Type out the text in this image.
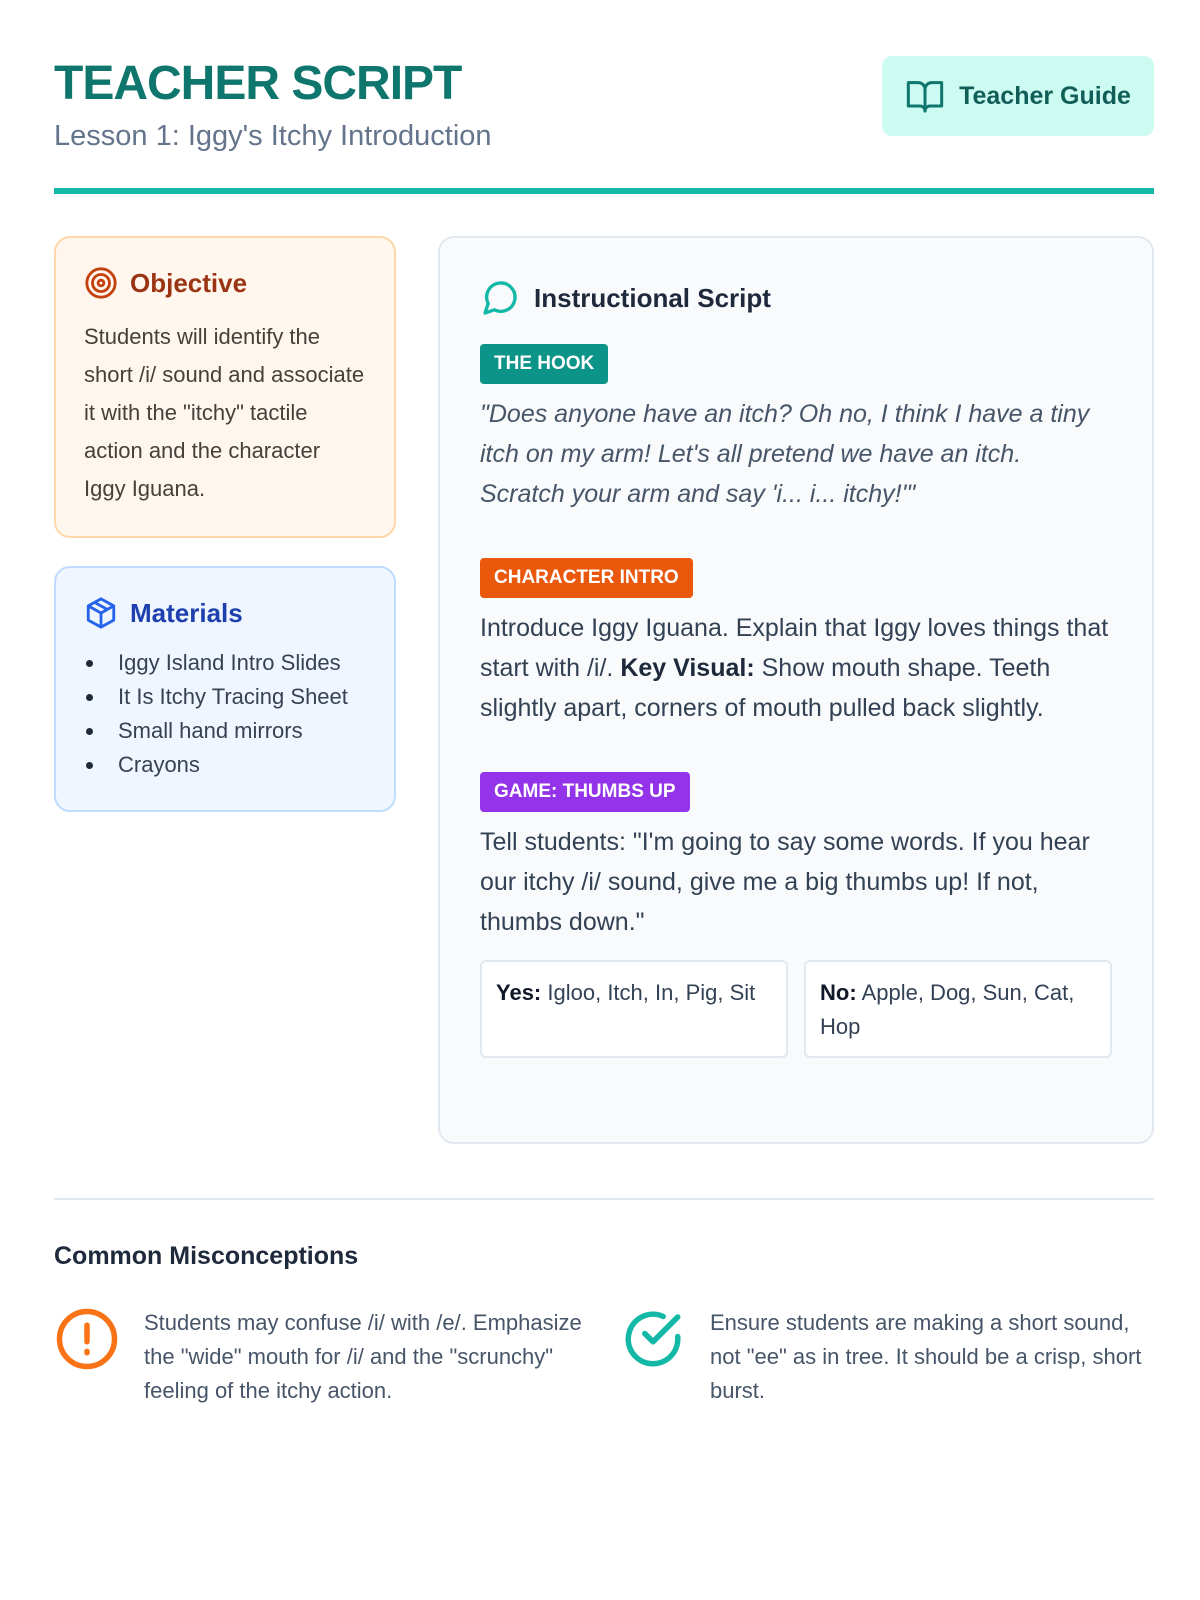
TEACHER SCRIPT
Lesson 1: Iggy's Itchy Introduction
Teacher Guide
Objective

Students will identify the short /i/ sound and associate it with the "itchy" tactile action and the character Iggy Iguana.

Materials
Iggy Island Intro Slides
It Is Itchy Tracing Sheet
Small hand mirrors
Crayons
Instructional Script
THE HOOK

"Does anyone have an itch? Oh no, I think I have a tiny itch on my arm! Let's all pretend we have an itch. Scratch your arm and say 'i... i... itchy!'"

CHARACTER INTRO

Introduce Iggy Iguana. Explain that Iggy loves things that start with /i/. Key Visual: Show mouth shape. Teeth slightly apart, corners of mouth pulled back slightly.

GAME: THUMBS UP

Tell students: "I'm going to say some words. If you hear our itchy /i/ sound, give me a big thumbs up! If not, thumbs down."

Yes: Igloo, Itch, In, Pig, Sit	No: Apple, Dog, Sun, Cat, Hop
Common Misconceptions

Students may confuse /i/ with /e/. Emphasize the "wide" mouth for /i/ and the "scrunchy" feeling of the itchy action.

Ensure students are making a short sound, not "ee" as in tree. It should be a crisp, short burst.
